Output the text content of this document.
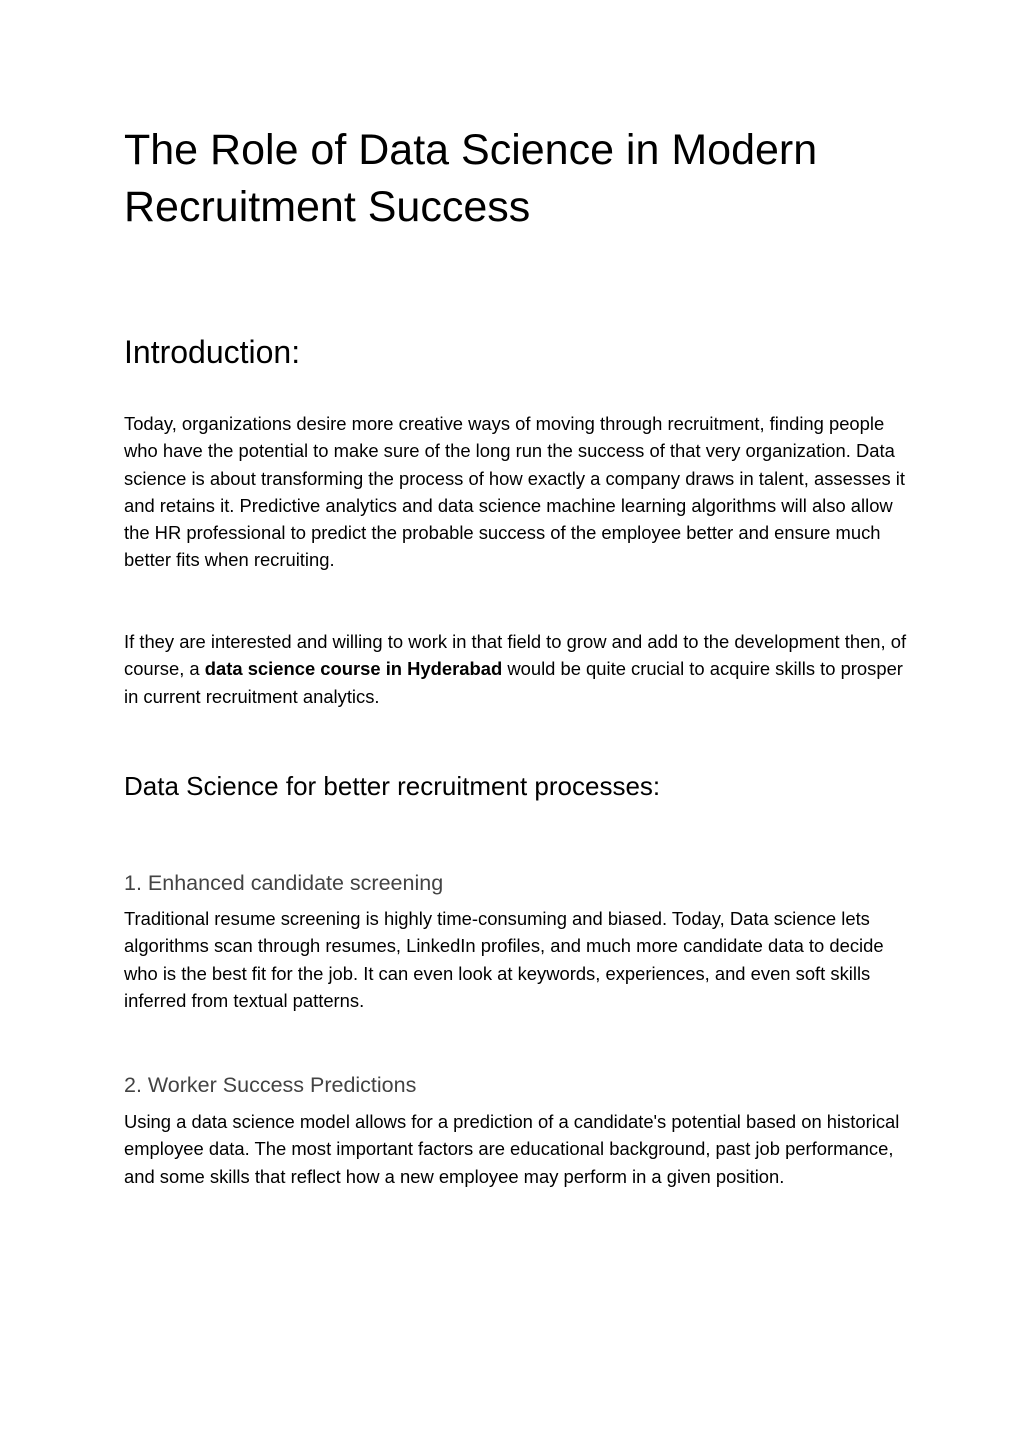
The Role of Data Science in Modern Recruitment Success
Introduction:

Today, organizations desire more creative ways of moving through recruitment, finding people who have the potential to make sure of the long run the success of that very organization. Data science is about transforming the process of how exactly a company draws in talent, assesses it and retains it. Predictive analytics and data science machine learning algorithms will also allow the HR professional to predict the probable success of the employee better and ensure much better fits when recruiting.

If they are interested and willing to work in that field to grow and add to the development then, of course, a data science course in Hyderabad would be quite crucial to acquire skills to prosper in current recruitment analytics.

Data Science for better recruitment processes:
1. Enhanced candidate screening

Traditional resume screening is highly time-consuming and biased. Today, Data science lets algorithms scan through resumes, LinkedIn profiles, and much more candidate data to decide who is the best fit for the job. It can even look at keywords, experiences, and even soft skills inferred from textual patterns.

2. Worker Success Predictions

Using a data science model allows for a prediction of a candidate's potential based on historical employee data. The most important factors are educational background, past job performance, and some skills that reflect how a new employee may perform in a given position.
